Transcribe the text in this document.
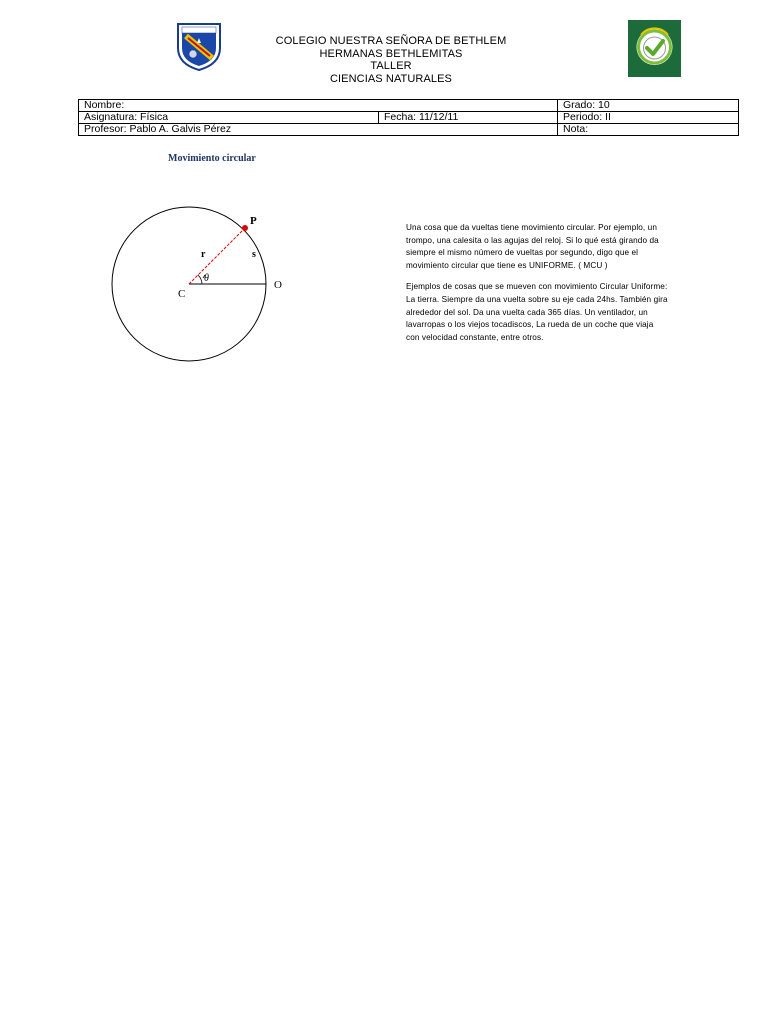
COLEGIO NUESTRA SEÑORA DE BETHLEM
HERMANAS BETHLEMITAS
TALLER
CIENCIAS NATURALES
Nombre:		Grado: 10
Asignatura: Física	Fecha: 11/12/11	Periodo: II
Profesor: Pablo A. Galvis Pérez		Nota:
Movimiento circular
P
r	s
C
O
θ

Una cosa que da vueltas tiene movimiento circular. Por ejemplo, un trompo, una calesita o las agujas del reloj. Si lo qué está girando da siempre el mismo número de vueltas por segundo, digo que el movimiento circular que tiene es UNIFORME. ( MCU )

Ejemplos de cosas que se mueven con movimiento Circular Uniforme: La tierra. Siempre da una vuelta sobre su eje cada 24hs. También gira alrededor del sol. Da una vuelta cada 365 días. Un ventilador, un lavarropas o los viejos tocadiscos, La rueda de un coche que viaja con velocidad constante, entre otros.
